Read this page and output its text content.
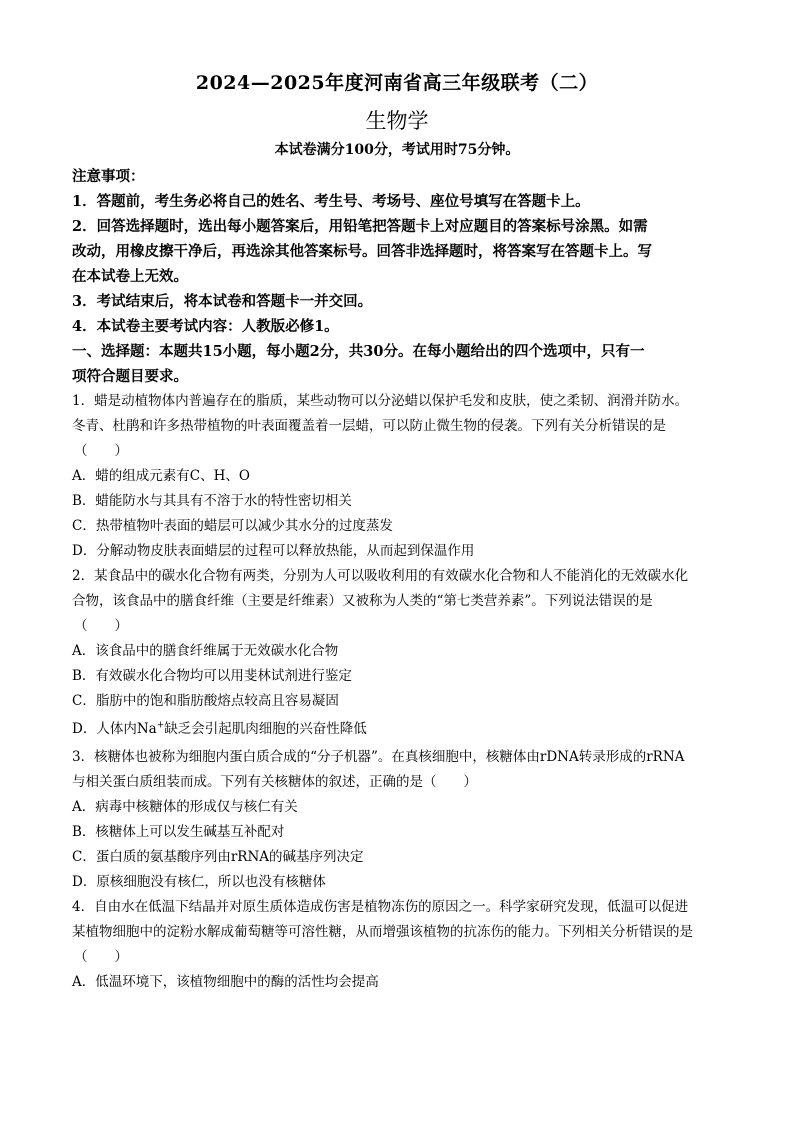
2024—2025年度河南省高三年级联考（二）
生物学
本试卷满分100分，考试用时75分钟。

注意事项：

1．答题前，考生务必将自己的姓名、考生号、考场号、座位号填写在答题卡上。

2．回答选择题时，选出每小题答案后，用铅笔把答题卡上对应题目的答案标号涂黑。如需

改动，用橡皮擦干净后，再选涂其他答案标号。回答非选择题时，将答案写在答题卡上。写

在本试卷上无效。

3．考试结束后，将本试卷和答题卡一并交回。

4．本试卷主要考试内容：人教版必修1。

一、选择题：本题共15小题，每小题2分，共30分。在每小题给出的四个选项中，只有一

项符合题目要求。

1．蜡是动植物体内普遍存在的脂质，某些动物可以分泌蜡以保护毛发和皮肤，使之柔韧、润滑并防水。

冬青、杜鹃和许多热带植物的叶表面覆盖着一层蜡，可以防止微生物的侵袭。下列有关分析错误的是

（　　）

A．蜡的组成元素有C、H、O

B．蜡能防水与其具有不溶于水的特性密切相关

C．热带植物叶表面的蜡层可以减少其水分的过度蒸发

D．分解动物皮肤表面蜡层的过程可以释放热能，从而起到保温作用

2．某食品中的碳水化合物有两类，分别为人可以吸收利用的有效碳水化合物和人不能消化的无效碳水化

合物，该食品中的膳食纤维（主要是纤维素）又被称为人类的“第七类营养素”。下列说法错误的是

（　　）

A．该食品中的膳食纤维属于无效碳水化合物

B．有效碳水化合物均可以用斐林试剂进行鉴定

C．脂肪中的饱和脂肪酸熔点较高且容易凝固

D．人体内Na+缺乏会引起肌肉细胞的兴奋性降低

3．核糖体也被称为细胞内蛋白质合成的“分子机器”。在真核细胞中，核糖体由rDNA转录形成的rRNA

与相关蛋白质组装而成。下列有关核糖体的叙述，正确的是（　　）

A．病毒中核糖体的形成仅与核仁有关

B．核糖体上可以发生碱基互补配对

C．蛋白质的氨基酸序列由rRNA的碱基序列决定

D．原核细胞没有核仁，所以也没有核糖体

4．自由水在低温下结晶并对原生质体造成伤害是植物冻伤的原因之一。科学家研究发现，低温可以促进

某植物细胞中的淀粉水解成葡萄糖等可溶性糖，从而增强该植物的抗冻伤的能力。下列相关分析错误的是

（　　）

A．低温环境下，该植物细胞中的酶的活性均会提高
